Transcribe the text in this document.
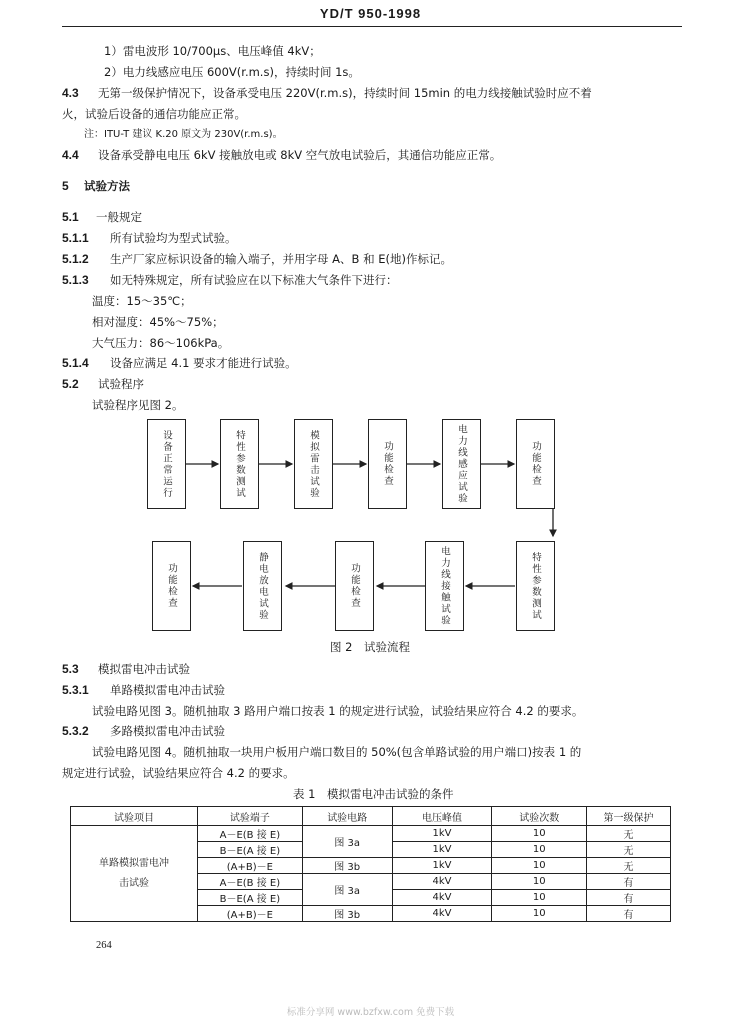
YD/T 950-1998
1）雷电波形 10/700μs、电压峰值 4kV；
2）电力线感应电压 600V(r.m.s)，持续时间 1s。
4.3 无第一级保护情况下，设备承受电压 220V(r.m.s)，持续时间 15min 的电力线接触试验时应不着
火，试验后设备的通信功能应正常。
注：ITU-T 建议 K.20 原文为 230V(r.m.s)。
4.4 设备承受静电电压 6kV 接触放电或 8kV 空气放电试验后，其通信功能应正常。
5 试验方法
5.1 一般规定
5.1.1 所有试验均为型式试验。
5.1.2 生产厂家应标识设备的输入端子，并用字母 A、B 和 E(地)作标记。
5.1.3 如无特殊规定，所有试验应在以下标准大气条件下进行：
温度：15～35℃；
相对湿度：45%～75%；
大气压力：86～106kPa。
5.1.4 设备应满足 4.1 要求才能进行试验。
5.2 试验程序
试验程序见图 2。
设备正常运行	特性参数测试	模拟雷击试验	功能检查	电力线感应试验	功能检查
功能检查	静电放电试验	功能检查	电力线接触试验	特性参数测试
图 2　试验流程
5.3 模拟雷电冲击试验
5.3.1 单路模拟雷电冲击试验
试验电路见图 3。随机抽取 3 路用户端口按表 1 的规定进行试验，试验结果应符合 4.2 的要求。
5.3.2 多路模拟雷电冲击试验
试验电路见图 4。随机抽取一块用户板用户端口数目的 50%(包含单路试验的用户端口)按表 1 的
规定进行试验，试验结果应符合 4.2 的要求。
表 1　模拟雷电冲击试验的条件
试验项目	试验端子	试验电路	电压峰值	试验次数	第一级保护
单路模拟雷电冲击试验	A－E(B 接 E)	图 3a	1kV	10	无
	B－E(A 接 E)		1kV	10	无
	(A+B)－E	图 3b	1kV	10	无
	A－E(B 接 E)	图 3a	4kV	10	有
	B－E(A 接 E)		4kV	10	有
	(A+B)－E	图 3b	4kV	10	有
264
标准分享网 www.bzfxw.com 免费下载
